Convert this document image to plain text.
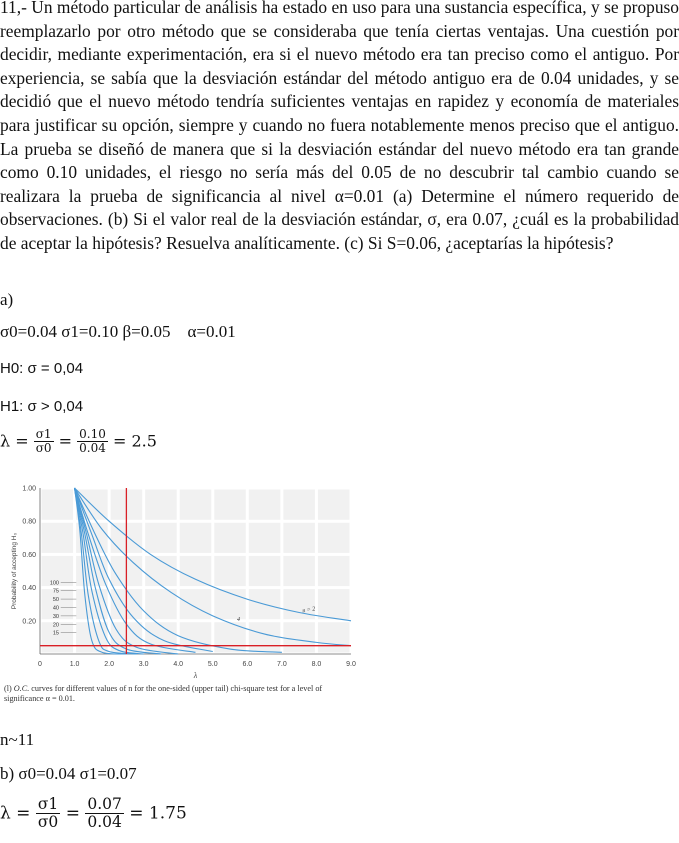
11,- Un método particular de análisis ha estado en uso para una sustancia específica, y se propuso reemplazarlo por otro método que se consideraba que tenía ciertas ventajas. Una cuestión por decidir, mediante experimentación, era si el nuevo método era tan preciso como el antiguo. Por experiencia, se sabía que la desviación estándar del método antiguo era de 0.04 unidades, y se decidió que el nuevo método tendría suficientes ventajas en rapidez y economía de materiales para justificar su opción, siempre y cuando no fuera notablemente menos preciso que el antiguo. La prueba se diseñó de manera que si la desviación estándar del nuevo método era tan grande como 0.10 unidades, el riesgo no sería más del 0.05 de no descubrir tal cambio cuando se realizara la prueba de significancia al nivel α=0.01 (a) Determine el número requerido de observaciones. (b) Si el valor real de la desviación estándar, σ, era 0.07, ¿cuál es la probabilidad de aceptar la hipótesis? Resuelva analíticamente. (c) Si S=0.06, ¿aceptarías la hipótesis?

a)
σ0=0.04 σ1=0.10 β=0.05 α=0.01
H0: σ = 0,04
H1: σ > 0,04
$\lambda = \frac{\sigma 1}{\sigma 0} = \frac{0.10}{0.04} = 2.5$
0	1.0	2.0	3.0	4.0	5.0	6.0	7.0	8.0	9.0
0.20
0.40
0.60
0.80
1.00
Probability of accepting H₀
λ
100
75
50
40
30
20
15
n = 2
4
(l) O.C. curves for different values of n for the one-sided (upper tail) chi-square test for a level of significance α = 0.01.
n~11
b) σ0=0.04 σ1=0.07
$\lambda = \frac{\sigma 1}{\sigma 0} = \frac{0.07}{0.04} = 1.75$
